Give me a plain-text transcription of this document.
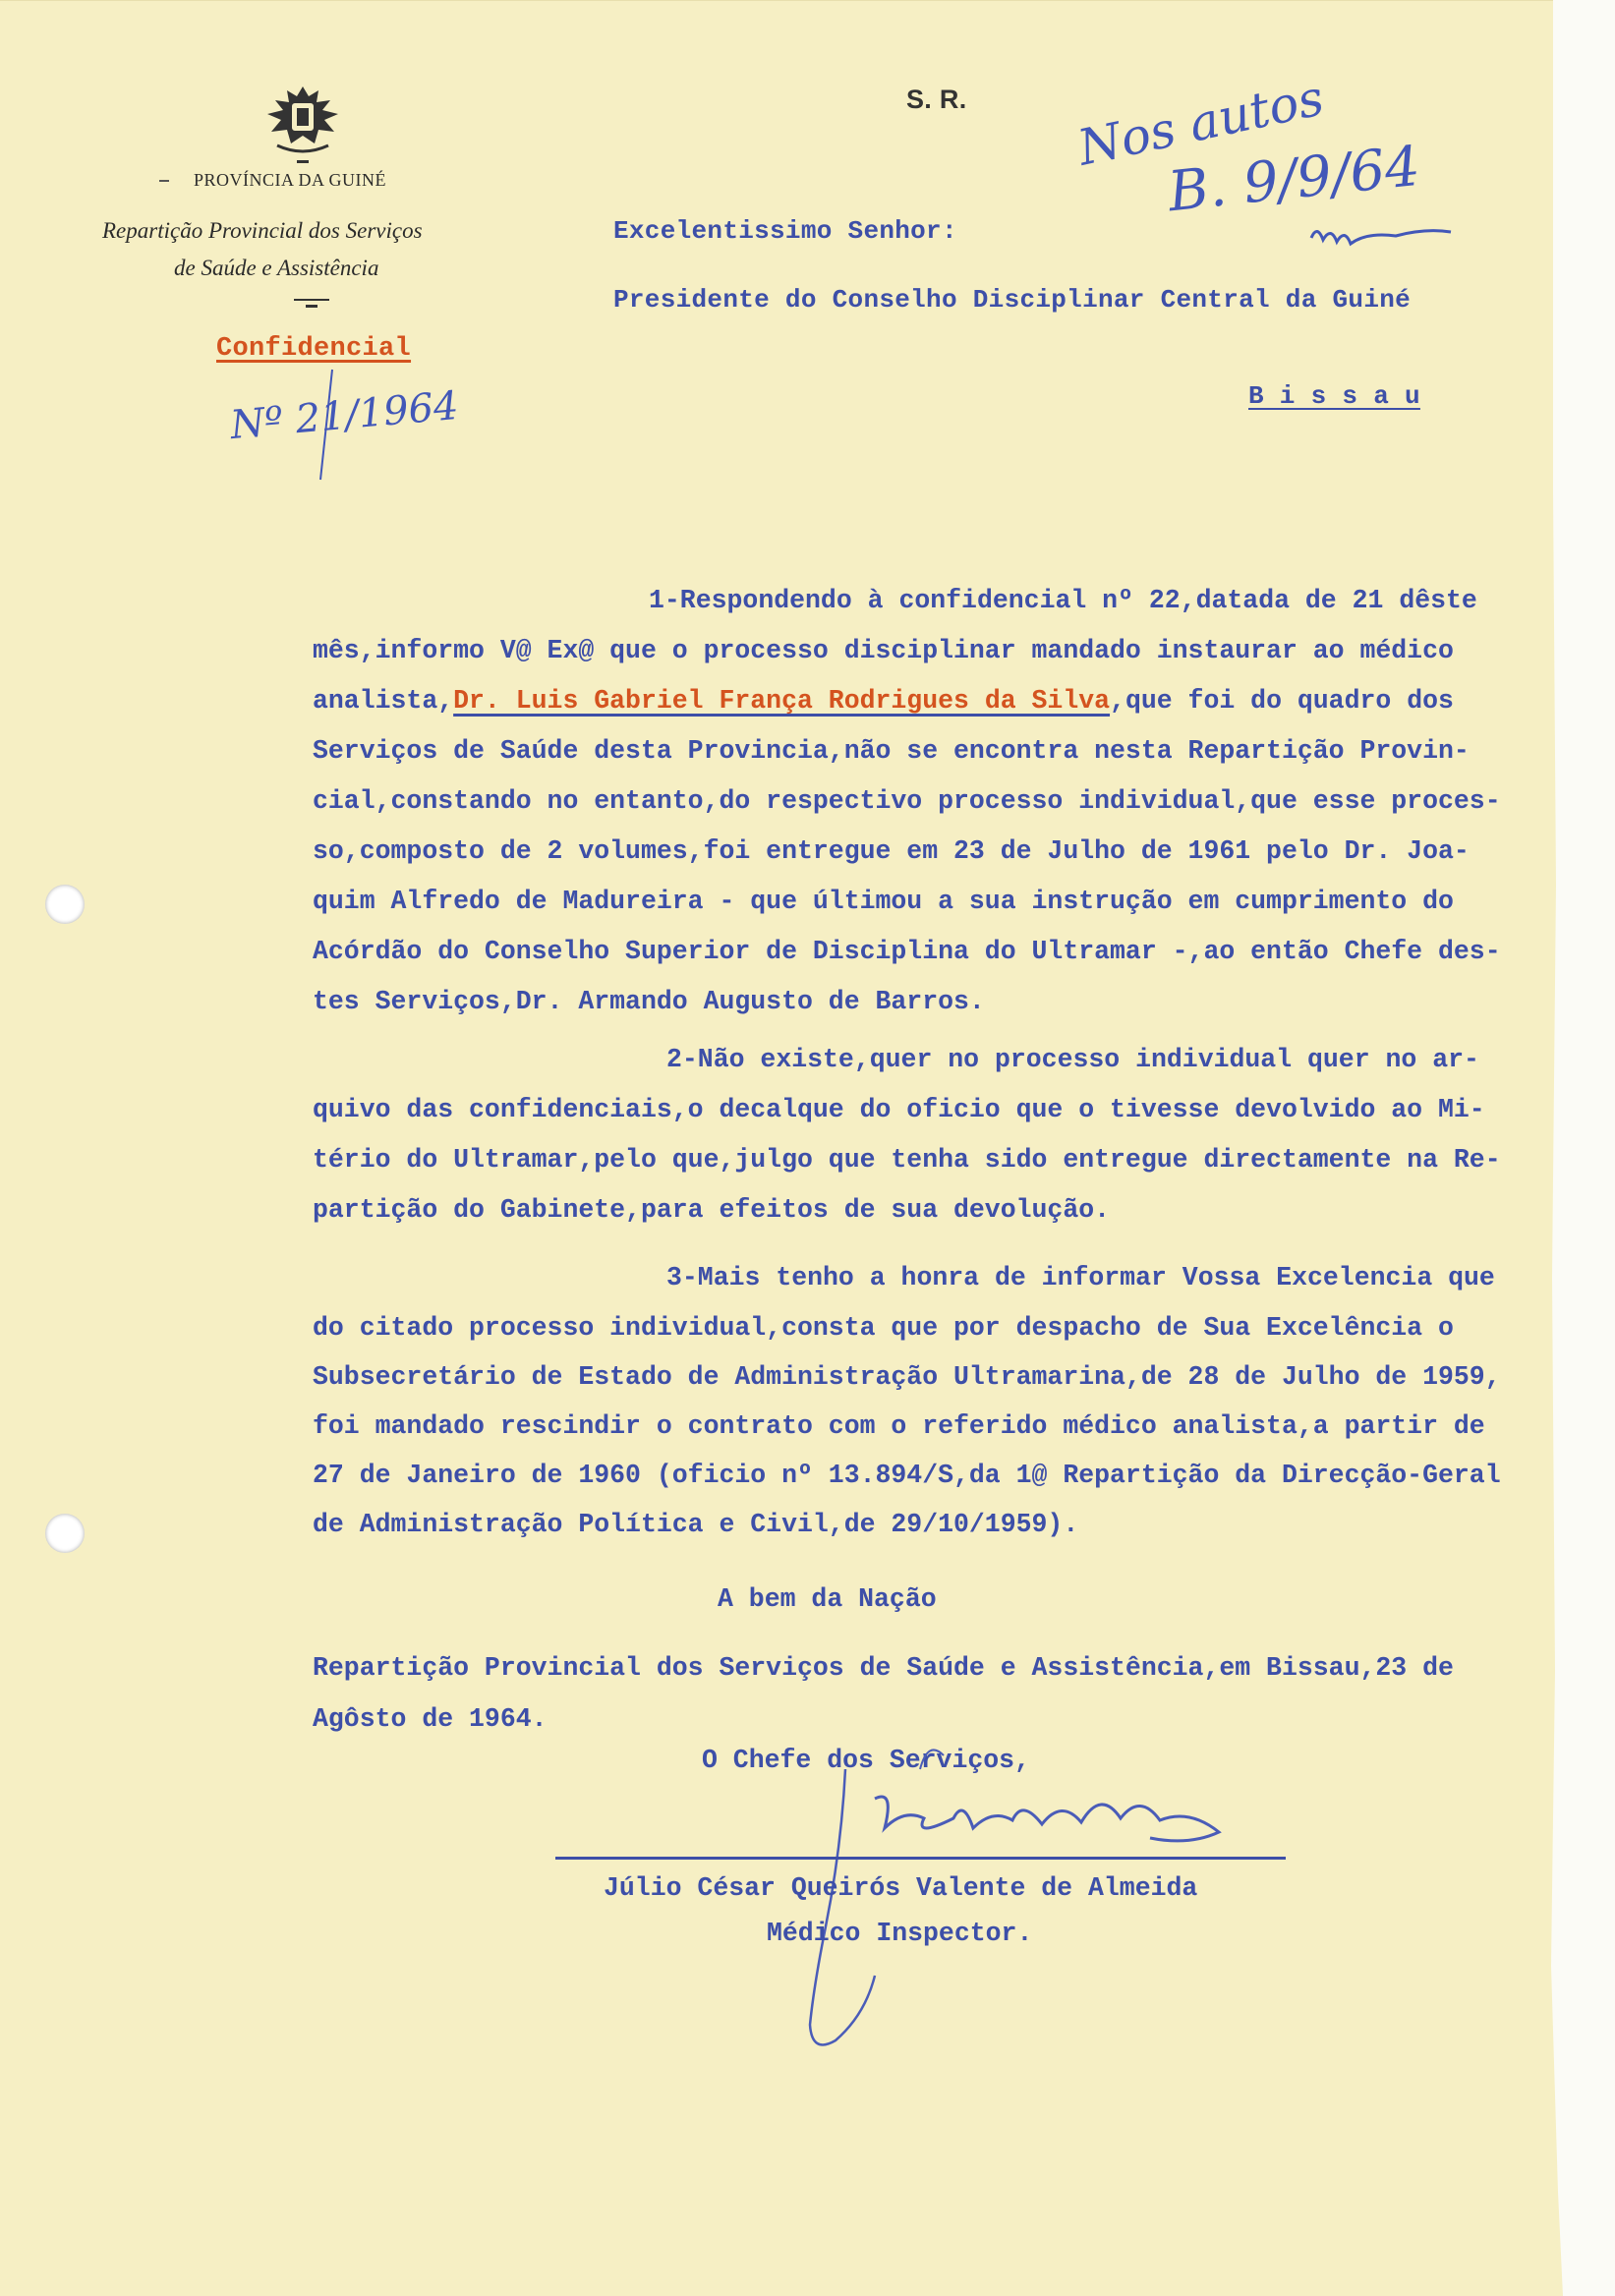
PROVÍNCIA DA GUINÉ
Repartição Provincial dos Serviços
de Saúde e Assistência
Confidencial
Nº 21/1964
S. R. Nos autos
B. 9/9/64
Excelentissimo Senhor:
Presidente do Conselho Disciplinar Central da Guiné
B i s s a u
1-Respondendo à confidencial nº 22,datada de 21 dêste
mês,informo V@ Ex@ que o processo disciplinar mandado instaurar ao médico
analista,Dr. Luis Gabriel França Rodrigues da Silva,que foi do quadro dos
Serviços de Saúde desta Provincia,não se encontra nesta Repartição Provin-
cial,constando no entanto,do respectivo processo individual,que esse proces-
so,composto de 2 volumes,foi entregue em 23 de Julho de 1961 pelo Dr. Joa-
quim Alfredo de Madureira - que últimou a sua instrução em cumprimento do
Acórdão do Conselho Superior de Disciplina do Ultramar -,ao então Chefe des-
tes Serviços,Dr. Armando Augusto de Barros.
2-Não existe,quer no processo individual quer no ar-
quivo das confidenciais,o decalque do oficio que o tivesse devolvido ao Mi-
tério do Ultramar,pelo que,julgo que tenha sido entregue directamente na Re-
partição do Gabinete,para efeitos de sua devolução.
3-Mais tenho a honra de informar Vossa Excelencia que
do citado processo individual,consta que por despacho de Sua Excelência o
Subsecretário de Estado de Administração Ultramarina,de 28 de Julho de 1959,
foi mandado rescindir o contrato com o referido médico analista,a partir de
27 de Janeiro de 1960 (oficio nº 13.894/S,da 1@ Repartição da Direcção-Geral
de Administração Política e Civil,de 29/10/1959).
A bem da Nação
Repartição Provincial dos Serviços de Saúde e Assistência,em Bissau,23 de
Agôsto de 1964.
O Chefe dos Serviços,
Júlio César Queirós Valente de Almeida
Médico Inspector.
